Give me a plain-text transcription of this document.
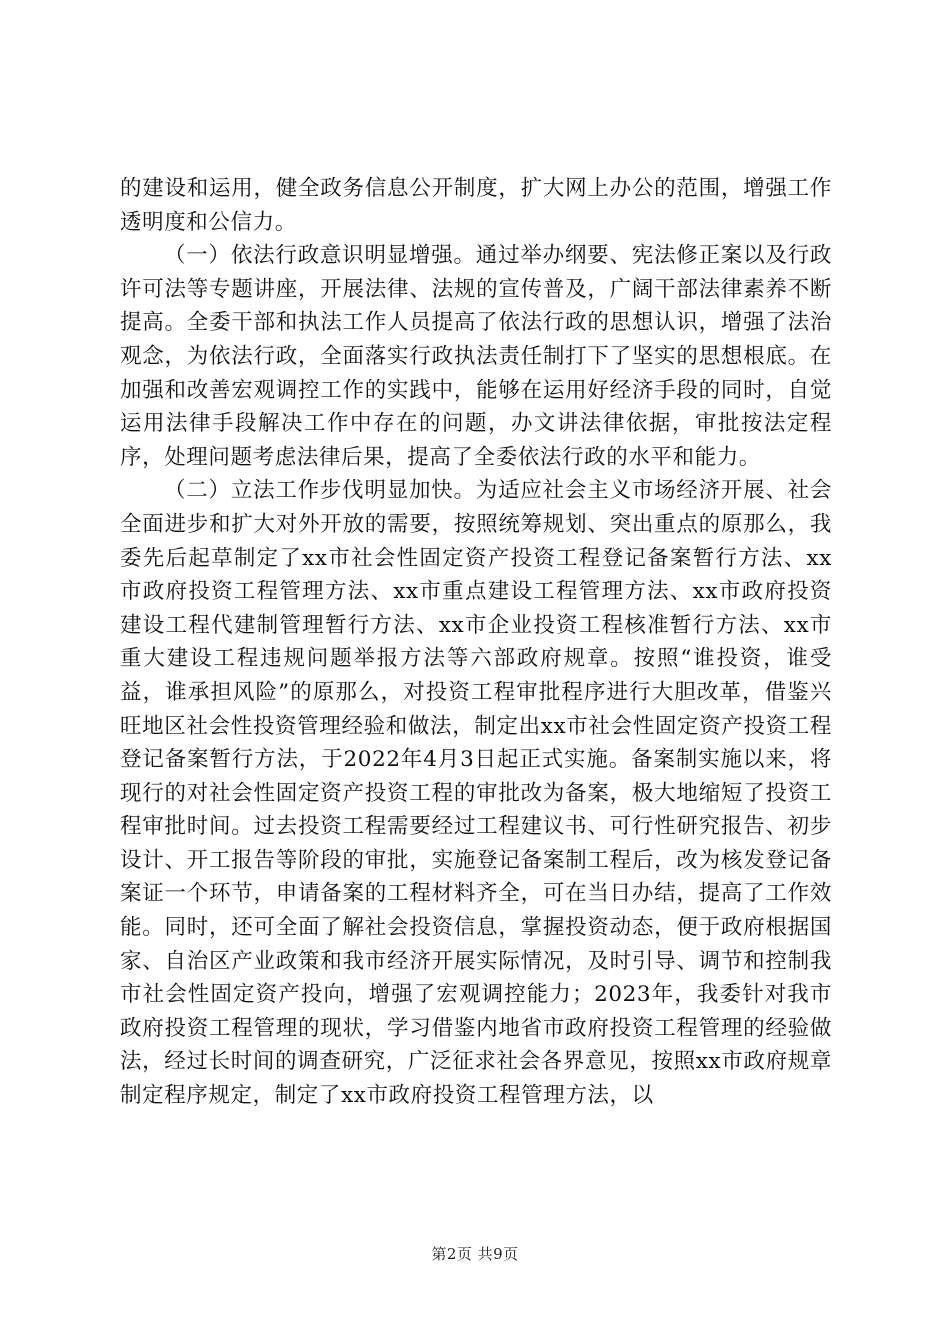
的建设和运用，健全政务信息公开制度，扩大网上办公的范围，增强工作透明度和公信力。

（一）依法行政意识明显增强。通过举办纲要、宪法修正案以及行政许可法等专题讲座，开展法律、法规的宣传普及，广阔干部法律素养不断提高。全委干部和执法工作人员提高了依法行政的思想认识，增强了法治观念，为依法行政，全面落实行政执法责任制打下了坚实的思想根底。在加强和改善宏观调控工作的实践中，能够在运用好经济手段的同时，自觉运用法律手段解决工作中存在的问题，办文讲法律依据，审批按法定程序，处理问题考虑法律后果，提高了全委依法行政的水平和能力。

（二）立法工作步伐明显加快。为适应社会主义市场经济开展、社会全面进步和扩大对外开放的需要，按照统筹规划、突出重点的原那么，我委先后起草制定了xx市社会性固定资产投资工程登记备案暂行方法、xx市政府投资工程管理方法、xx市重点建设工程管理方法、xx市政府投资建设工程代建制管理暂行方法、xx市企业投资工程核准暂行方法、xx市重大建设工程违规问题举报方法等六部政府规章。按照“谁投资，谁受益，谁承担风险”的原那么，对投资工程审批程序进行大胆改革，借鉴兴旺地区社会性投资管理经验和做法，制定出xx市社会性固定资产投资工程登记备案暂行方法，于2022年4月3日起正式实施。备案制实施以来，将现行的对社会性固定资产投资工程的审批改为备案，极大地缩短了投资工程审批时间。过去投资工程需要经过工程建议书、可行性研究报告、初步设计、开工报告等阶段的审批，实施登记备案制工程后，改为核发登记备案证一个环节，申请备案的工程材料齐全，可在当日办结，提高了工作效能。同时，还可全面了解社会投资信息，掌握投资动态，便于政府根据国家、自治区产业政策和我市经济开展实际情况，及时引导、调节和控制我市社会性固定资产投向，增强了宏观调控能力；2023年，我委针对我市政府投资工程管理的现状，学习借鉴内地省市政府投资工程管理的经验做法，经过长时间的调查研究，广泛征求社会各界意见，按照xx市政府规章制定程序规定，制定了xx市政府投资工程管理方法，以

第2页 共9页
